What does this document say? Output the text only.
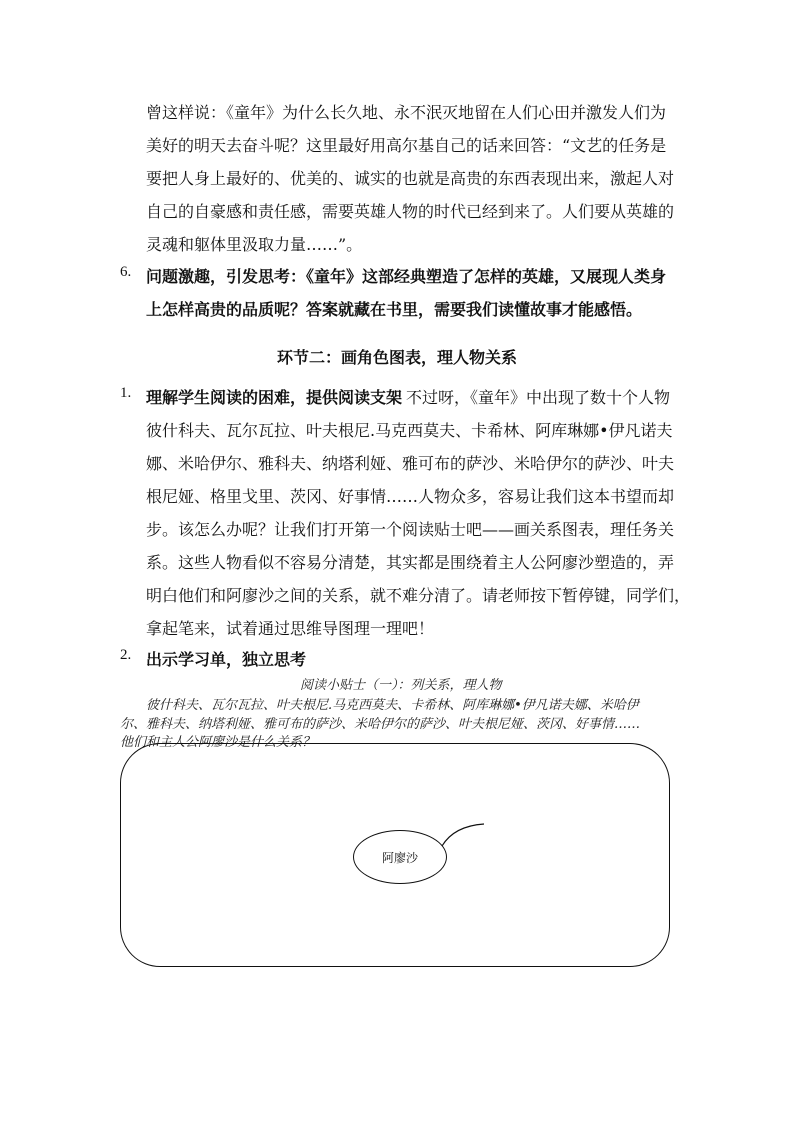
曾这样说：《童年》为什么长久地、永不泯灭地留在人们心田并激发人们为
美好的明天去奋斗呢？这里最好用高尔基自己的话来回答：“文艺的任务是
要把人身上最好的、优美的、诚实的也就是高贵的东西表现出来，激起人对
自己的自豪感和责任感，需要英雄人物的时代已经到来了。人们要从英雄的
灵魂和躯体里汲取力量……”。
6. 问题激趣，引发思考：《童年》这部经典塑造了怎样的英雄，又展现人类身
上怎样高贵的品质呢？答案就藏在书里，需要我们读懂故事才能感悟。
环节二：画角色图表，理人物关系
1. 理解学生阅读的困难，提供阅读支架 不过呀，《童年》中出现了数十个人物
彼什科夫、瓦尔瓦拉、叶夫根尼.马克西莫夫、卡希林、阿库琳娜•伊凡诺夫
娜、米哈伊尔、雅科夫、纳塔利娅、雅可布的萨沙、米哈伊尔的萨沙、叶夫
根尼娅、格里戈里、茨冈、好事情……人物众多，容易让我们这本书望而却
步。该怎么办呢？让我们打开第一个阅读贴士吧——画关系图表，理任务关
系。这些人物看似不容易分清楚，其实都是围绕着主人公阿廖沙塑造的，弄
明白他们和阿廖沙之间的关系，就不难分清了。请老师按下暂停键，同学们，
拿起笔来，试着通过思维导图理一理吧！
2. 出示学习单，独立思考
阅读小贴士（一）：列关系，理人物
彼什科夫、瓦尔瓦拉、叶夫根尼.马克西莫夫、卡希林、阿库琳娜•伊凡诺夫娜、米哈伊
尔、雅科夫、纳塔利娅、雅可布的萨沙、米哈伊尔的萨沙、叶夫根尼娅、茨冈、好事情……
他们和主人公阿廖沙是什么关系？
阿廖沙
